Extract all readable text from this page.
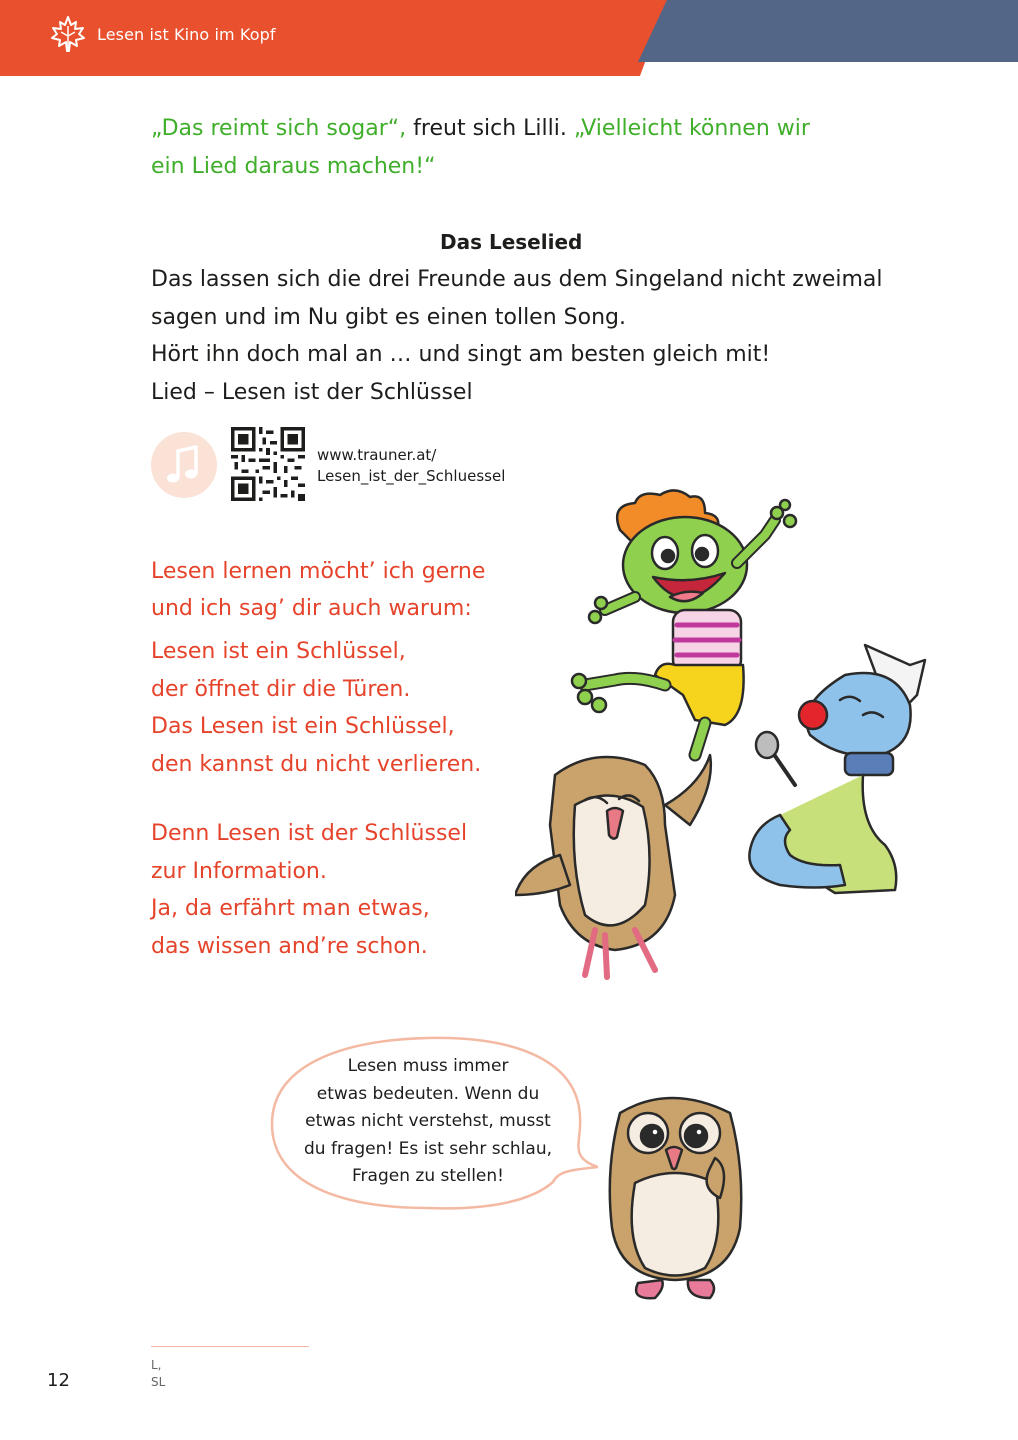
Lesen ist Kino im Kopf
„Das reimt sich sogar“, freut sich Lilli. „Vielleicht können wir
ein Lied daraus machen!“
Das Leselied
Das lassen sich die drei Freunde aus dem Singeland nicht zweimal
sagen und im Nu gibt es einen tollen Song.
Hört ihn doch mal an … und singt am besten gleich mit!
Lied – Lesen ist der Schlüssel
www.trauner.at/
Lesen_ist_der_Schluessel
Lesen lernen möcht’ ich gerne
und ich sag’ dir auch warum:
Lesen ist ein Schlüssel,
der öffnet dir die Türen.
Das Lesen ist ein Schlüssel,
den kannst du nicht verlieren.
Denn Lesen ist der Schlüssel
zur Information.
Ja, da erfährt man etwas,
das wissen and’re schon.
Lesen muss immer
etwas bedeuten. Wenn du
etwas nicht verstehst, musst
du fragen! Es ist sehr schlau,
Fragen zu stellen!
12
L,
SL
